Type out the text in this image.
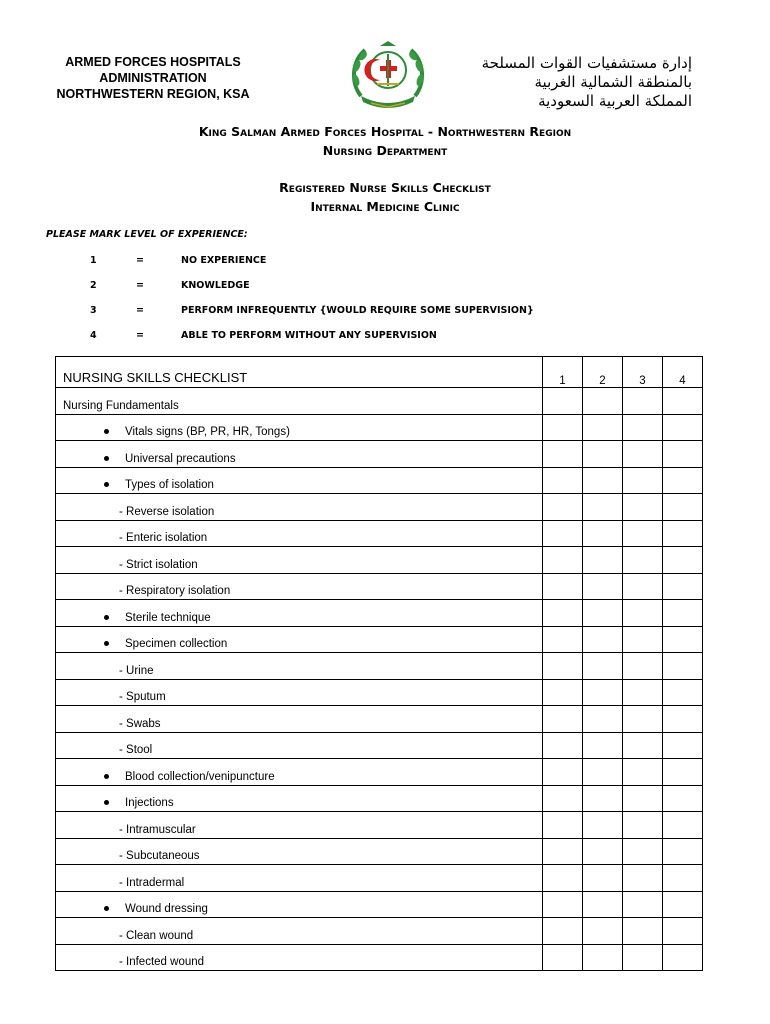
ARMED FORCES HOSPITALS
ADMINISTRATION
NORTHWESTERN REGION, KSA
إدارة مستشفيات القوات المسلحة
بالمنطقة الشمالية الغربية
المملكة العربية السعودية
King Salman Armed Forces Hospital - Northwestern Region
Nursing Department
Registered Nurse Skills Checklist
Internal Medicine Clinic
PLEASE MARK LEVEL OF EXPERIENCE:
1	=	NO EXPERIENCE
2	=	KNOWLEDGE
3	=	PERFORM INFREQUENTLY {WOULD REQUIRE SOME SUPERVISION}
4	=	ABLE TO PERFORM WITHOUT ANY SUPERVISION
NURSING SKILLS CHECKLIST	1	2	3	4

Nursing Fundamentals				

Vitals signs (BP, PR, HR, Tongs)				

Universal precautions				

Types of isolation				

- Reverse isolation				

- Enteric isolation				

- Strict isolation				

- Respiratory isolation				

Sterile technique				

Specimen collection				

- Urine				

- Sputum				

- Swabs				

- Stool				

Blood collection/venipuncture				

Injections				

- Intramuscular				

- Subcutaneous				

- Intradermal				

Wound dressing				

- Clean wound				

- Infected wound				
